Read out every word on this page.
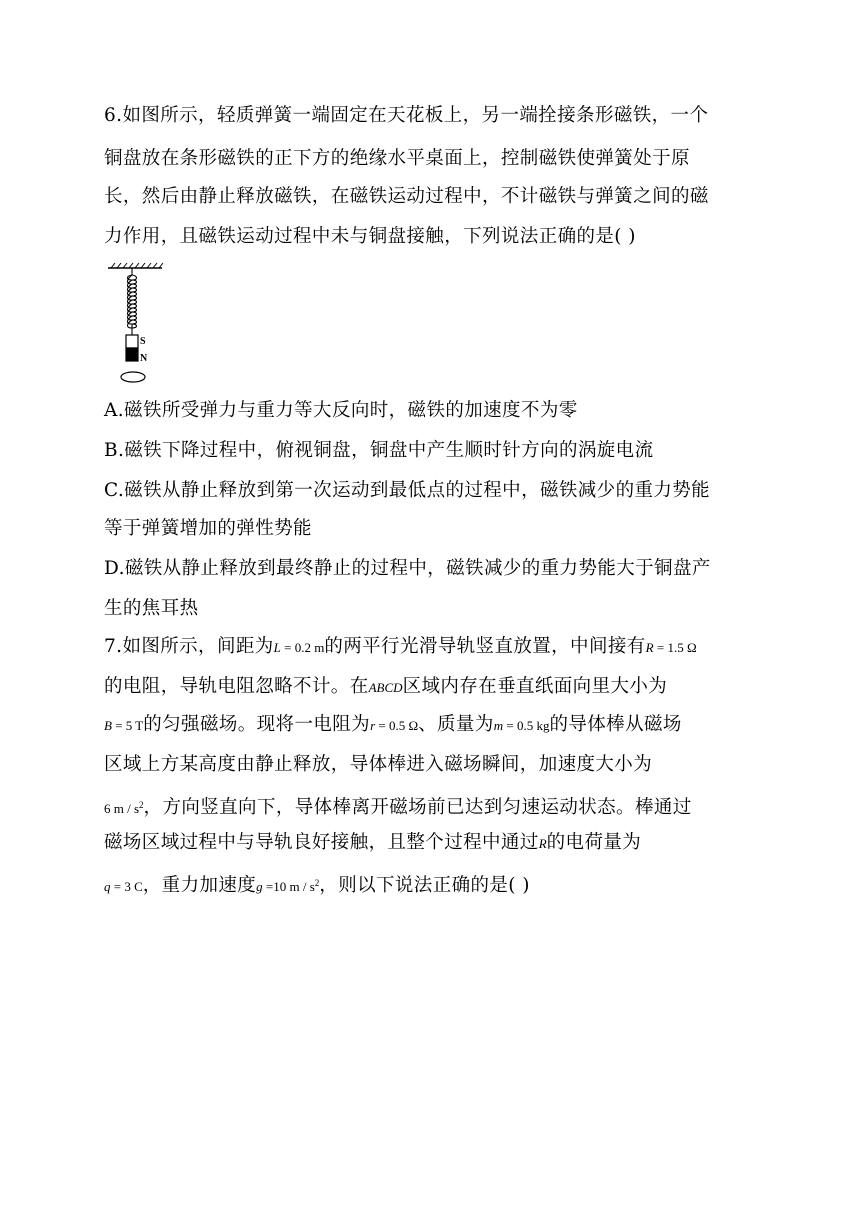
6.如图所示，轻质弹簧一端固定在天花板上，另一端拴接条形磁铁，一个
铜盘放在条形磁铁的正下方的绝缘水平桌面上，控制磁铁使弹簧处于原
长，然后由静止释放磁铁，在磁铁运动过程中，不计磁铁与弹簧之间的磁
力作用，且磁铁运动过程中未与铜盘接触，下列说法正确的是( )
S
N
A.磁铁所受弹力与重力等大反向时，磁铁的加速度不为零
B.磁铁下降过程中，俯视铜盘，铜盘中产生顺时针方向的涡旋电流
C.磁铁从静止释放到第一次运动到最低点的过程中，磁铁减少的重力势能
等于弹簧增加的弹性势能
D.磁铁从静止释放到最终静止的过程中，磁铁减少的重力势能大于铜盘产
生的焦耳热
7.如图所示，间距为L = 0.2 m的两平行光滑导轨竖直放置，中间接有R = 1.5 Ω
的电阻，导轨电阻忽略不计。在ABCD区域内存在垂直纸面向里大小为
B = 5 T的匀强磁场。现将一电阻为r = 0.5 Ω、质量为m = 0.5 kg的导体棒从磁场
区域上方某高度由静止释放，导体棒进入磁场瞬间，加速度大小为
6 m / $s^2$，方向竖直向下，导体棒离开磁场前已达到匀速运动状态。棒通过
磁场区域过程中与导轨良好接触，且整个过程中通过R的电荷量为
q = 3 C，重力加速度g =10 m / $s^2$，则以下说法正确的是( )
